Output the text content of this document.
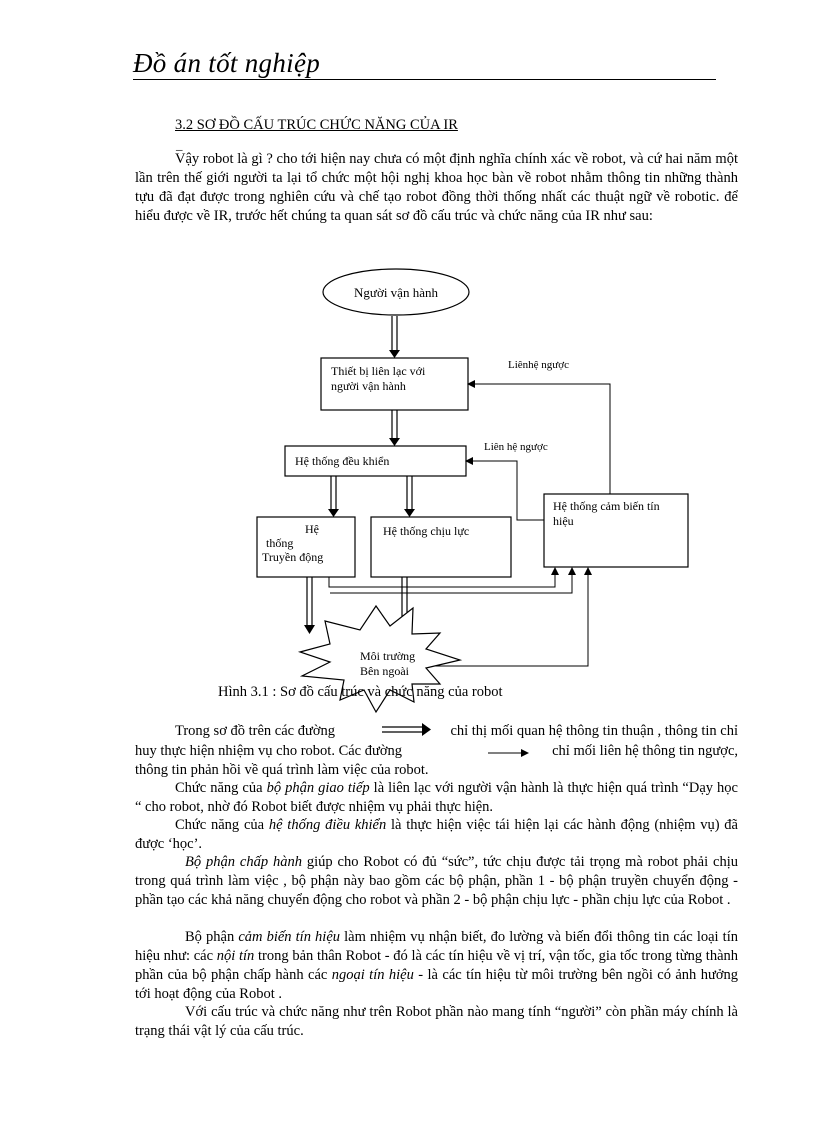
Đồ án tốt nghiệp
3.2 SƠ ĐỒ CẤU TRÚC CHỨC NĂNG CỦA IR
_
Vậy robot là gì ? cho tới hiện nay chưa có một định nghĩa chính xác về robot, và cứ hai năm một lần trên thế giới người ta lại tổ chức một hội nghị khoa học bàn về robot nhằm thông tin những thành tựu đã đạt được trong nghiên cứu và chế tạo robot đồng thời thống nhất các thuật ngữ về robotic. để hiểu được về IR, trước hết chúng ta quan sát sơ đồ cấu trúc và chức năng của IR như sau:
Người vận hành
Thiết bị liên lạc với
người vận hành
Hệ thống đều khiển
Hệ
thống
Truyền động
Hệ thống chịu lực
Hệ thống cảm biến tín
hiệu
Môi trường
Bên ngoài
Liênhệ ngược
Liên hệ ngược
Hình 3.1 : Sơ đồ cấu trúc và chức năng của robot
Trong sơ đồ trên các đường	chỉ thị mối quan hệ thông tin thuận , thông tin chỉ
huy thực hiện nhiệm vụ cho robot. Các đường	chỉ mối liên hệ thông tin ngược,
thông tin phản hồi về quá trình làm việc của robot.
Chức năng của bộ phận giao tiếp là liên lạc với người vận hành là thực hiện quá trình “Dạy học “ cho robot, nhờ đó Robot biết được nhiệm vụ phải thực hiện.
Chức năng của hệ thống điều khiển là thực hiện việc tái hiện lại các hành động (nhiệm vụ) đã được ‘học’.
Bộ phận chấp hành giúp cho Robot có đủ “sức”, tức chịu được tải trọng mà robot phải chịu trong quá trình làm việc , bộ phận này bao gồm các bộ phận, phần 1 - bộ phận truyền chuyển động - phần tạo các khả năng chuyển động cho robot và phần 2 - bộ phận chịu lực - phần chịu lực của Robot .
Bộ phận cảm biến tín hiệu làm nhiệm vụ nhận biết, đo lường và biến đổi thông tin các loại tín hiệu như: các nội tín trong bản thân Robot - đó là các tín hiệu về vị trí, vận tốc, gia tốc trong từng thành phần của bộ phận chấp hành các ngoại tín hiệu - là các tín hiệu từ môi trường bên ngồi có ảnh hưởng tới hoạt động của Robot .
Với cấu trúc và chức năng như trên Robot phần nào mang tính “người” còn phần máy chính là trạng thái vật lý của cấu trúc.
